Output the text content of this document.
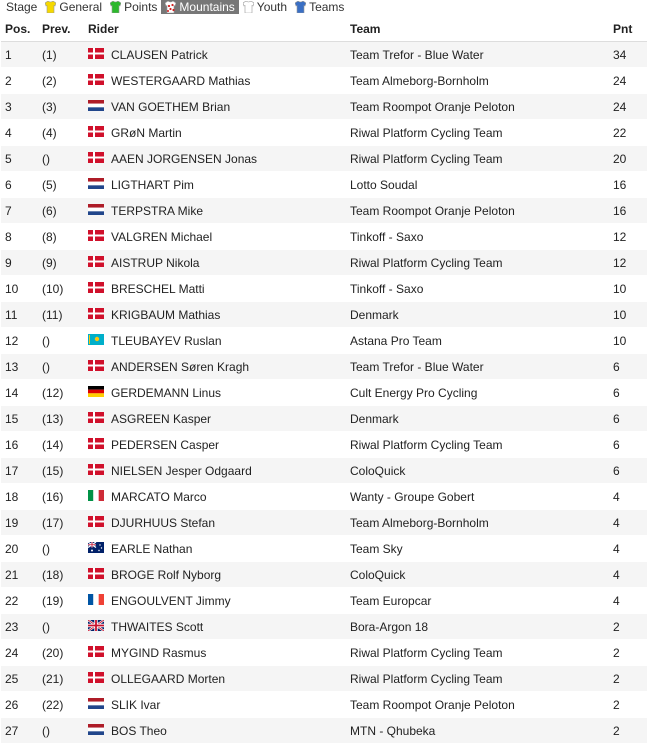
Stage General Points Mountains Youth Teams
Pos.	Prev.	Rider	Team	Pnt
1	(1)	CLAUSEN Patrick	Team Trefor - Blue Water	34
2	(2)	WESTERGAARD Mathias	Team Almeborg-Bornholm	24
3	(3)	VAN GOETHEM Brian	Team Roompot Oranje Peloton	24
4	(4)	GRøN Martin	Riwal Platform Cycling Team	22
5	()	AAEN JORGENSEN Jonas	Riwal Platform Cycling Team	20
6	(5)	LIGTHART Pim	Lotto Soudal	16
7	(6)	TERPSTRA Mike	Team Roompot Oranje Peloton	16
8	(8)	VALGREN Michael	Tinkoff - Saxo	12
9	(9)	AISTRUP Nikola	Riwal Platform Cycling Team	12
10	(10)	BRESCHEL Matti	Tinkoff - Saxo	10
11	(11)	KRIGBAUM Mathias	Denmark	10
12	()	TLEUBAYEV Ruslan	Astana Pro Team	10
13	()	ANDERSEN Søren Kragh	Team Trefor - Blue Water	6
14	(12)	GERDEMANN Linus	Cult Energy Pro Cycling	6
15	(13)	ASGREEN Kasper	Denmark	6
16	(14)	PEDERSEN Casper	Riwal Platform Cycling Team	6
17	(15)	NIELSEN Jesper Odgaard	ColoQuick	6
18	(16)	MARCATO Marco	Wanty - Groupe Gobert	4
19	(17)	DJURHUUS Stefan	Team Almeborg-Bornholm	4
20	()	EARLE Nathan	Team Sky	4
21	(18)	BROGE Rolf Nyborg	ColoQuick	4
22	(19)	ENGOULVENT Jimmy	Team Europcar	4
23	()	THWAITES Scott	Bora-Argon 18	2
24	(20)	MYGIND Rasmus	Riwal Platform Cycling Team	2
25	(21)	OLLEGAARD Morten	Riwal Platform Cycling Team	2
26	(22)	SLIK Ivar	Team Roompot Oranje Peloton	2
27	()	BOS Theo	MTN - Qhubeka	2
